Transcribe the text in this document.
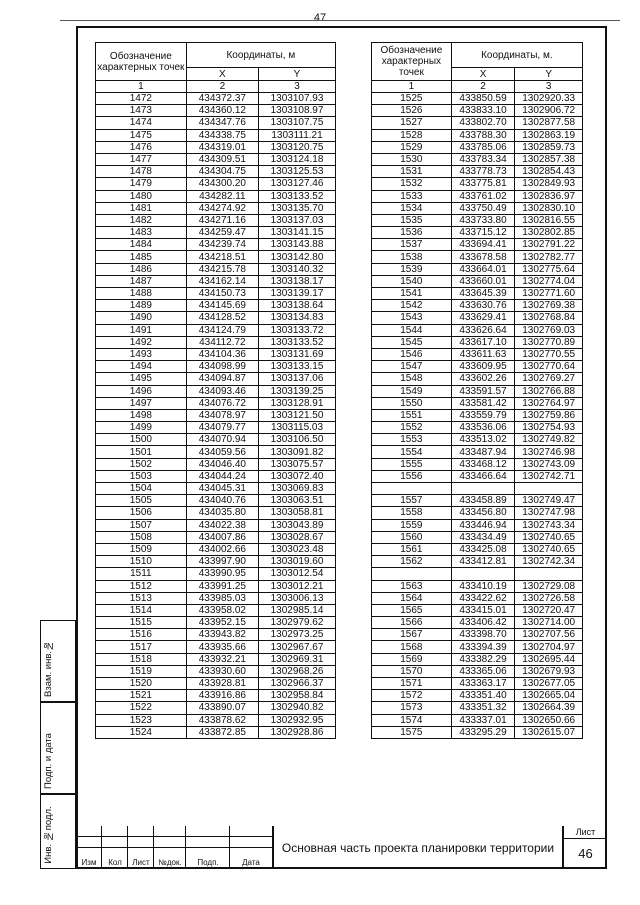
47
Обозначение характерных точек	Координаты, м	
	X	Y
1	2	3
1472	434372.37	1303107.93
1473	434360.12	1303108.97
1474	434347.76	1303107.75
1475	434338.75	1303111.21
1476	434319.01	1303120.75
1477	434309.51	1303124.18
1478	434304.75	1303125.53
1479	434300.20	1303127.46
1480	434282.11	1303133.52
1481	434274.92	1303135.70
1482	434271.16	1303137.03
1483	434259.47	1303141.15
1484	434239.74	1303143.88
1485	434218.51	1303142.80
1486	434215.78	1303140.32
1487	434162.14	1303138.17
1488	434150.73	1303139.17
1489	434145.69	1303138.64
1490	434128.52	1303134.83
1491	434124.79	1303133.72
1492	434112.72	1303133.52
1493	434104.36	1303131.69
1494	434098.99	1303133.15
1495	434094.87	1303137.06
1496	434093.46	1303139.25
1497	434076.72	1303128.91
1498	434078.97	1303121.50
1499	434079.77	1303115.03
1500	434070.94	1303106.50
1501	434059.56	1303091.82
1502	434046.40	1303075.57
1503	434044.24	1303072.40
1504	434045.31	1303069.83
1505	434040.76	1303063.51
1506	434035.80	1303058.81
1507	434022.38	1303043.89
1508	434007.86	1303028.67
1509	434002.66	1303023.48
1510	433997.90	1303019.60
1511	433990.95	1303012.54
1512	433991.25	1303012.21
1513	433985.03	1303006.13
1514	433958.02	1302985.14
1515	433952.15	1302979.62
1516	433943.82	1302973.25
1517	433935.66	1302967.67
1518	433932.21	1302969.31
1519	433930.60	1302968.26
1520	433928.81	1302966.37
1521	433916.86	1302958.84
1522	433890.07	1302940.82
1523	433878.62	1302932.95
1524	433872.85	1302928.86
Обозначение характерных точек	Координаты, м.	
	X	Y
1	2	3
1525	433850.59	1302920.33
1526	433833.10	1302906.72
1527	433802.70	1302877.58
1528	433788.30	1302863.19
1529	433785.06	1302859.73
1530	433783.34	1302857.38
1531	433778.73	1302854.43
1532	433775.81	1302849.93
1533	433761.02	1302836.97
1534	433750.49	1302830.10
1535	433733.80	1302816.55
1536	433715.12	1302802.85
1537	433694.41	1302791.22
1538	433678.58	1302782.77
1539	433664.01	1302775.64
1540	433660.01	1302774.04
1541	433645.39	1302771.60
1542	433630.76	1302769.38
1543	433629.41	1302768.84
1544	433626.64	1302769.03
1545	433617.10	1302770.89
1546	433611.63	1302770.55
1547	433609.95	1302770.64
1548	433602.26	1302769.27
1549	433591.57	1302766.88
1550	433581.42	1302764.97
1551	433559.79	1302759.86
1552	433536.06	1302754.93
1553	433513.02	1302749.82
1554	433487.94	1302746.98
1555	433468.12	1302743.09
1556	433466.64	1302742.71

1557	433458.89	1302749.47
1558	433456.80	1302747.98
1559	433446.94	1302743.34
1560	433434.49	1302740.65
1561	433425.08	1302740.65
1562	433412.81	1302742.34

1563	433410.19	1302729.08
1564	433422.62	1302726.58
1565	433415.01	1302720.47
1566	433406.42	1302714.00
1567	433398.70	1302707.56
1568	433394.39	1302704.97
1569	433382.29	1302695.44
1570	433365.06	1302679.93
1571	433363.17	1302677.05
1572	433351.40	1302665.04
1573	433351.32	1302664.39
1574	433337.01	1302650.66
1575	433295.29	1302615.07
Взам. инв.№
Подп. и дата
Инв. №подл.	Изм	Кол	Лист	№док.	Подп.	Дата
Основная часть проекта планировки территории
Лист
46
